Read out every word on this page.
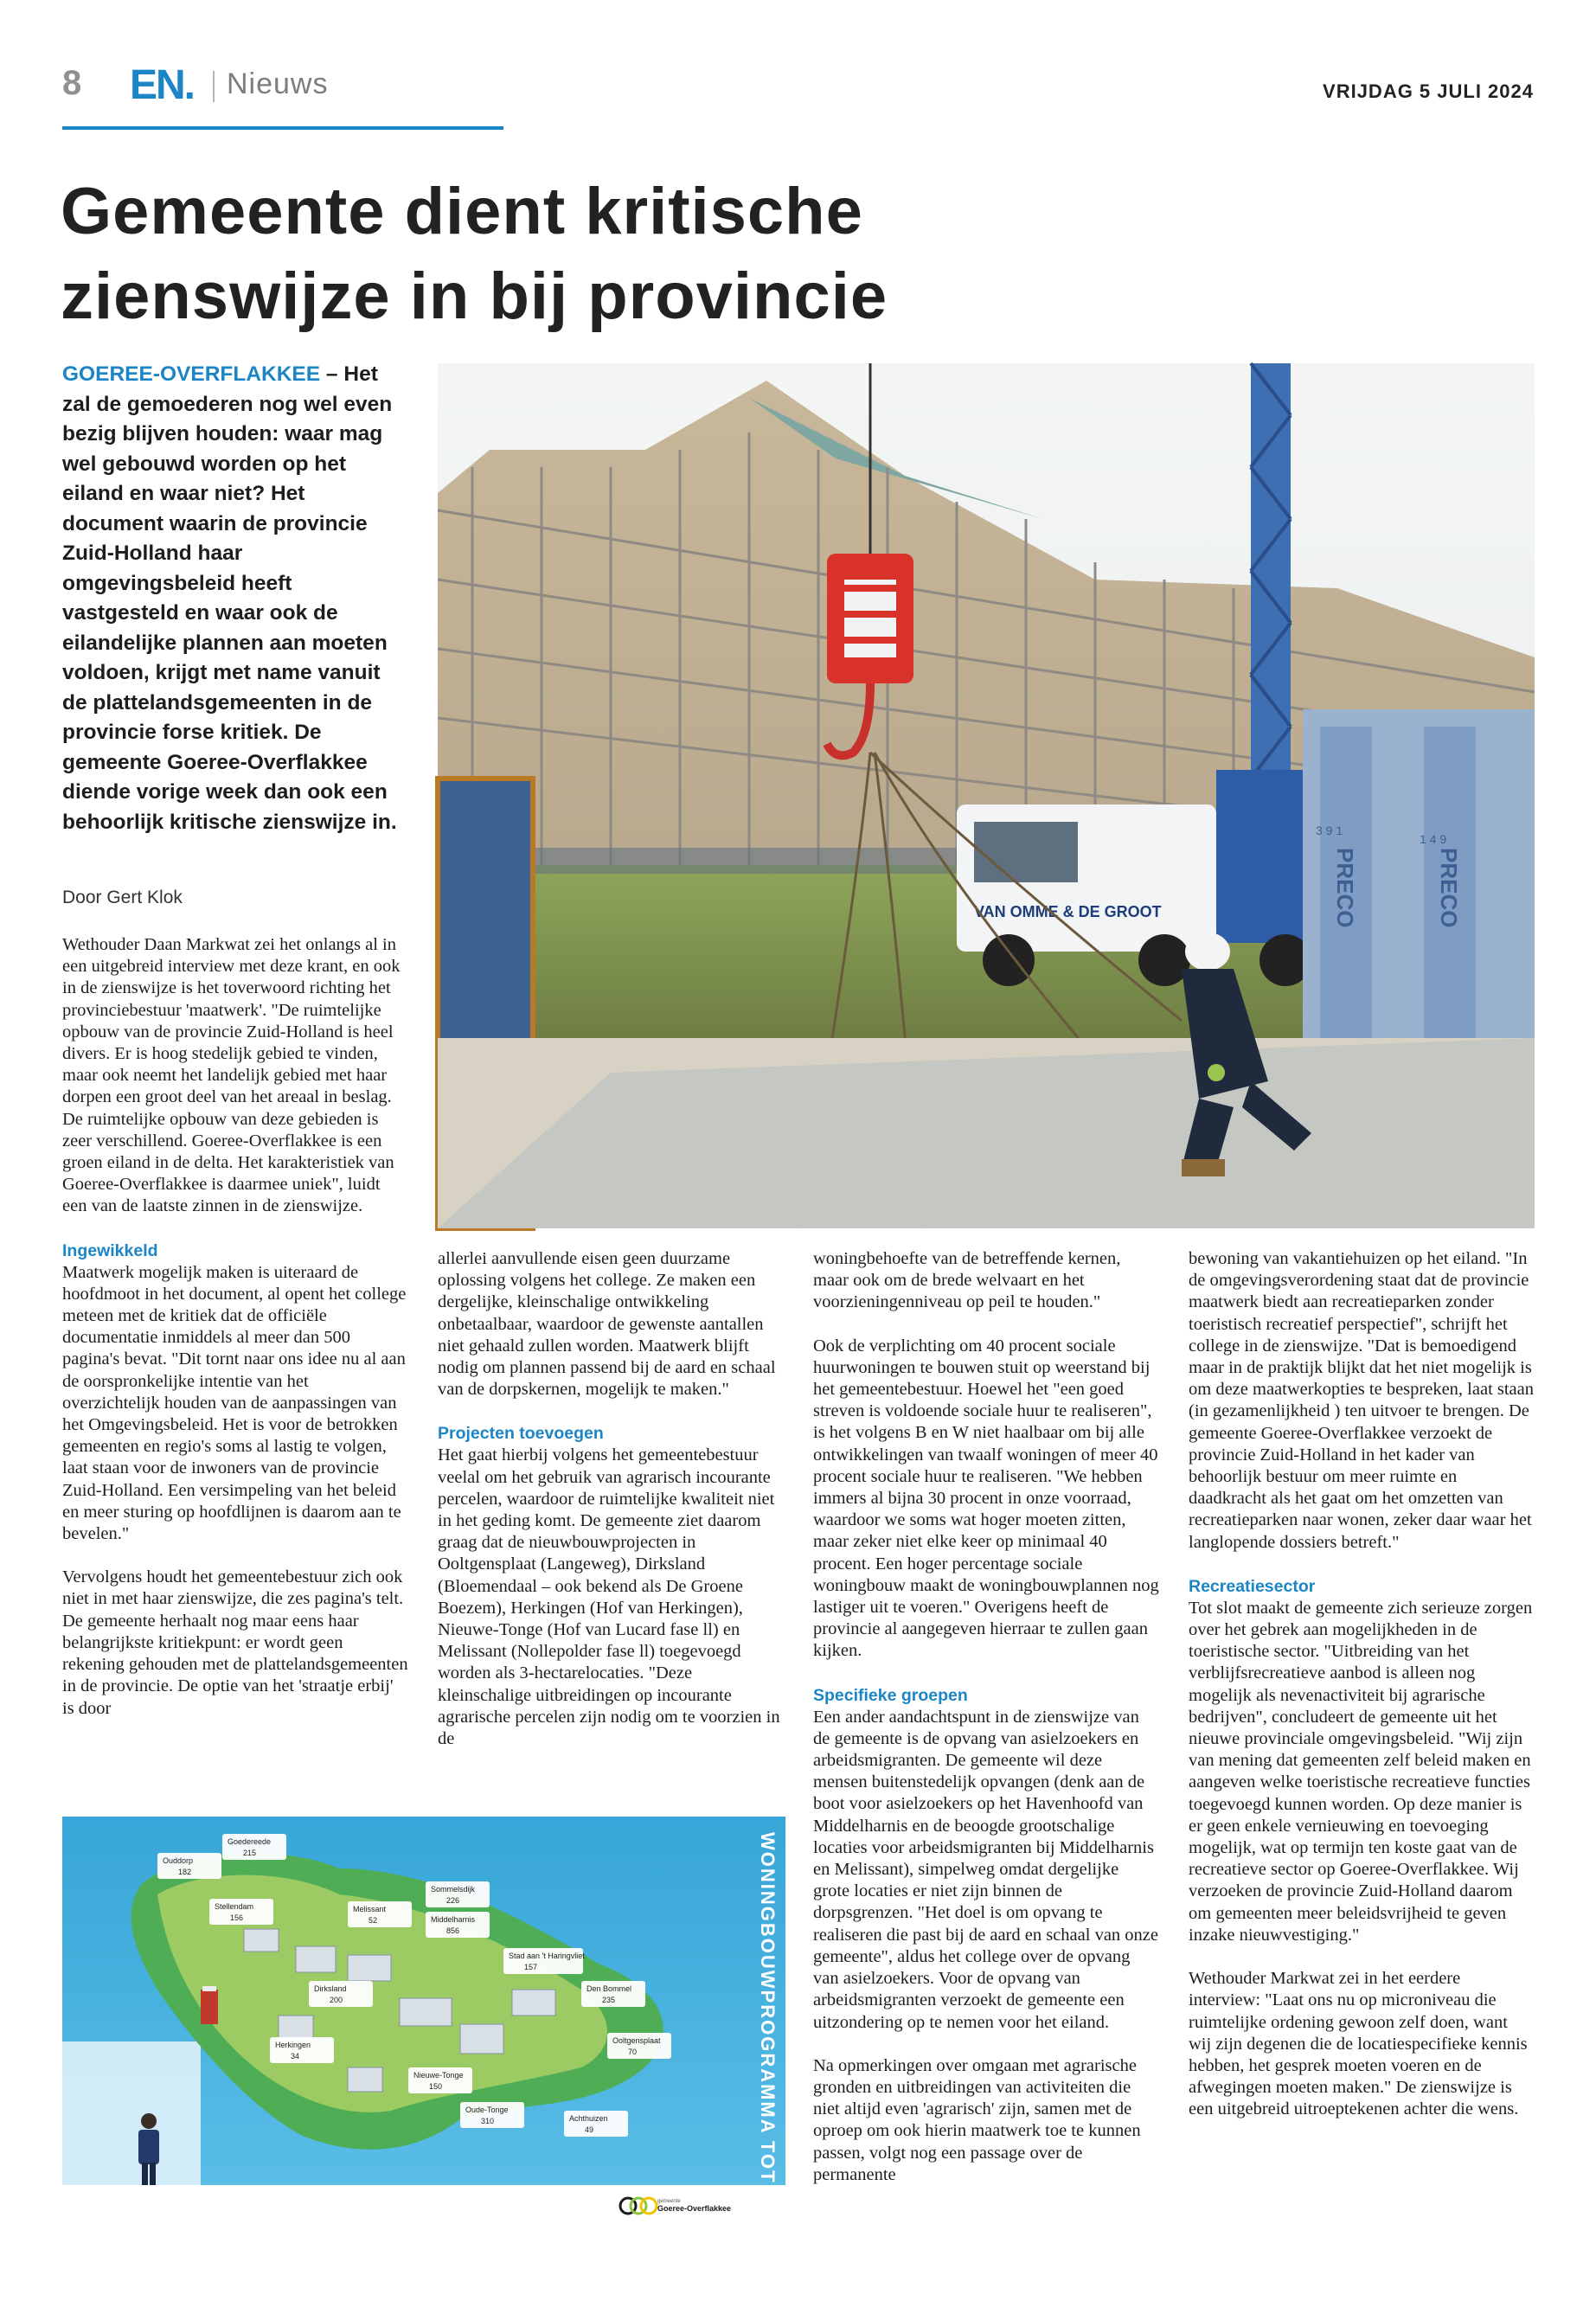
8 EN. Nieuws	VRIJDAG 5 JULI 2024
Gemeente dient kritische
zienswijze in bij provincie
GOEREE-OVERFLAKKEE – Het zal de gemoederen nog wel even bezig blijven houden: waar mag wel gebouwd worden op het eiland en waar niet? Het document waarin de provincie Zuid-Holland haar omgevingsbeleid heeft vastgesteld en waar ook de eilandelijke plannen aan moeten voldoen, krijgt met name vanuit de plattelandsgemeenten in de provincie forse kritiek. De gemeente Goeree-Overflakkee diende vorige week dan ook een behoorlijk kritische zienswijze in.
Door Gert Klok

Wethouder Daan Markwat zei het onlangs al in een uitgebreid interview met deze krant, en ook in de zienswijze is het toverwoord richting het provinciebestuur 'maatwerk'. "De ruimtelijke opbouw van de provincie Zuid-Holland is heel divers. Er is hoog stedelijk gebied te vinden, maar ook neemt het landelijk gebied met haar dorpen een groot deel van het areaal in beslag. De ruimtelijke opbouw van deze gebieden is zeer verschillend. Goeree-Overflakkee is een groen eiland in de delta. Het karakteristiek van Goeree-Overflakkee is daarmee uniek", luidt een van de laatste zinnen in de zienswijze.

Ingewikkeld

Maatwerk mogelijk maken is uiteraard de hoofdmoot in het document, al opent het college meteen met de kritiek dat de officiële documentatie inmiddels al meer dan 500 pagina's bevat. "Dit tornt naar ons idee nu al aan de oorspronkelijke intentie van het overzichtelijk houden van de aanpassingen van het Omgevingsbeleid. Het is voor de betrokken gemeenten en regio's soms al lastig te volgen, laat staan voor de inwoners van de provincie Zuid-Holland. Een versimpeling van het beleid en meer sturing op hoofdlijnen is daarom aan te bevelen."

Vervolgens houdt het gemeentebestuur zich ook niet in met haar zienswijze, die zes pagina's telt. De gemeente herhaalt nog maar eens haar belangrijkste kritiekpunt: er wordt geen rekening gehouden met de plattelandsgemeenten in de provincie. De optie van het 'straatje erbij' is door

allerlei aanvullende eisen geen duurzame oplossing volgens het college. Ze maken een dergelijke, kleinschalige ontwikkeling onbetaalbaar, waardoor de gewenste aantallen niet gehaald zullen worden. Maatwerk blijft nodig om plannen passend bij de aard en schaal van de dorpskernen, mogelijk te maken."

Projecten toevoegen

Het gaat hierbij volgens het gemeentebestuur veelal om het gebruik van agrarisch incourante percelen, waardoor de ruimtelijke kwaliteit niet in het geding komt. De gemeente ziet daarom graag dat de nieuwbouwprojecten in Ooltgensplaat (Langeweg), Dirksland (Bloemendaal – ook bekend als De Groene Boezem), Herkingen (Hof van Herkingen), Nieuwe-Tonge (Hof van Lucard fase ll) en Melissant (Nollepolder fase ll) toegevoegd worden als 3-hectarelocaties. "Deze kleinschalige uitbreidingen op incourante agrarische percelen zijn nodig om te voorzien in de

woningbehoefte van de betreffende kernen, maar ook om de brede welvaart en het voorzieningenniveau op peil te houden."

Ook de verplichting om 40 procent sociale huurwoningen te bouwen stuit op weerstand bij het gemeentebestuur. Hoewel het "een goed streven is voldoende sociale huur te realiseren", is het volgens B en W niet haalbaar om bij alle ontwikkelingen van twaalf woningen of meer 40 procent sociale huur te realiseren. "We hebben immers al bijna 30 procent in onze voorraad, waardoor we soms wat hoger moeten zitten, maar zeker niet elke keer op minimaal 40 procent. Een hoger percentage sociale woningbouw maakt de woningbouwplannen nog lastiger uit te voeren." Overigens heeft de provincie al aangegeven hierraar te zullen gaan kijken.

Specifieke groepen

Een ander aandachtspunt in de zienswijze van de gemeente is de opvang van asielzoekers en arbeidsmigranten. De gemeente wil deze mensen buitenstedelijk opvangen (denk aan de boot voor asielzoekers op het Havenhoofd van Middelharnis en de beoogde grootschalige locaties voor arbeidsmigranten bij Middelharnis en Melissant), simpelweg omdat dergelijke grote locaties er niet zijn binnen de dorpsgrenzen. "Het doel is om opvang te realiseren die past bij de aard en schaal van onze gemeente", aldus het college over de opvang van asielzoekers. Voor de opvang van arbeidsmigranten verzoekt de gemeente een uitzondering op te nemen voor het eiland.

Na opmerkingen over omgaan met agrarische gronden en uitbreidingen van activiteiten die niet altijd even 'agrarisch' zijn, samen met de oproep om ook hierin maatwerk toe te kunnen passen, volgt nog een passage over de permanente

bewoning van vakantiehuizen op het eiland. "In de omgevingsverordening staat dat de provincie maatwerk biedt aan recreatieparken zonder toeristisch recreatief perspectief", schrijft het college in de zienswijze. "Dat is bemoedigend maar in de praktijk blijkt dat het niet mogelijk is om deze maatwerkopties te bespreken, laat staan (in gezamenlijkheid ) ten uitvoer te brengen. De gemeente Goeree-Overflakkee verzoekt de provincie Zuid-Holland in het kader van behoorlijk bestuur om meer ruimte en daadkracht als het gaat om het omzetten van recreatieparken naar wonen, zeker daar waar het langlopende dossiers betreft."

Recreatiesector

Tot slot maakt de gemeente zich serieuze zorgen over het gebrek aan mogelijkheden in de toeristische sector. "Uitbreiding van het verblijfsrecreatieve aanbod is alleen nog mogelijk als nevenactiviteit bij agrarische bedrijven", concludeert de gemeente uit het nieuwe provinciale omgevingsbeleid. "Wij zijn van mening dat gemeenten zelf beleid maken en aangeven welke toeristische recreatieve functies toegevoegd kunnen worden. Op deze manier is er geen enkele vernieuwing en toevoeging mogelijk, wat op termijn ten koste gaat van de recreatieve sector op Goeree-Overflakkee. Wij verzoeken de provincie Zuid-Holland daarom om gemeenten meer beleidsvrijheid te geven inzake nieuwvestiging."

Wethouder Markwat zei in het eerdere interview: "Laat ons nu op microniveau die ruimtelijke ordening gewoon zelf doen, want wij zijn degenen die de locatiespecifieke kennis hebben, het gesprek moeten voeren en de afwegingen moeten maken." De zienswijze is een uitgebreid uitroeptekenen achter die wens.

VAN OMME & DE GROOT	PRECO	PRECO
3 9 1
1 4 9
Goedereede
215
Ouddorp
182
Stellendam
156
Melissant
52
Sommelsdijk
226
Middelharnis
856
Stad aan 't Haringvliet
157
Dirksland
200
Den Bommel
235
Herkingen
34
Nieuwe-Tonge
150
Ooltgensplaat
70
Oude-Tonge
310	Achthuizen
49	WONINGBOUWPROGRAMMA TOT 2030
gemeente
Goeree-Overflakkee
